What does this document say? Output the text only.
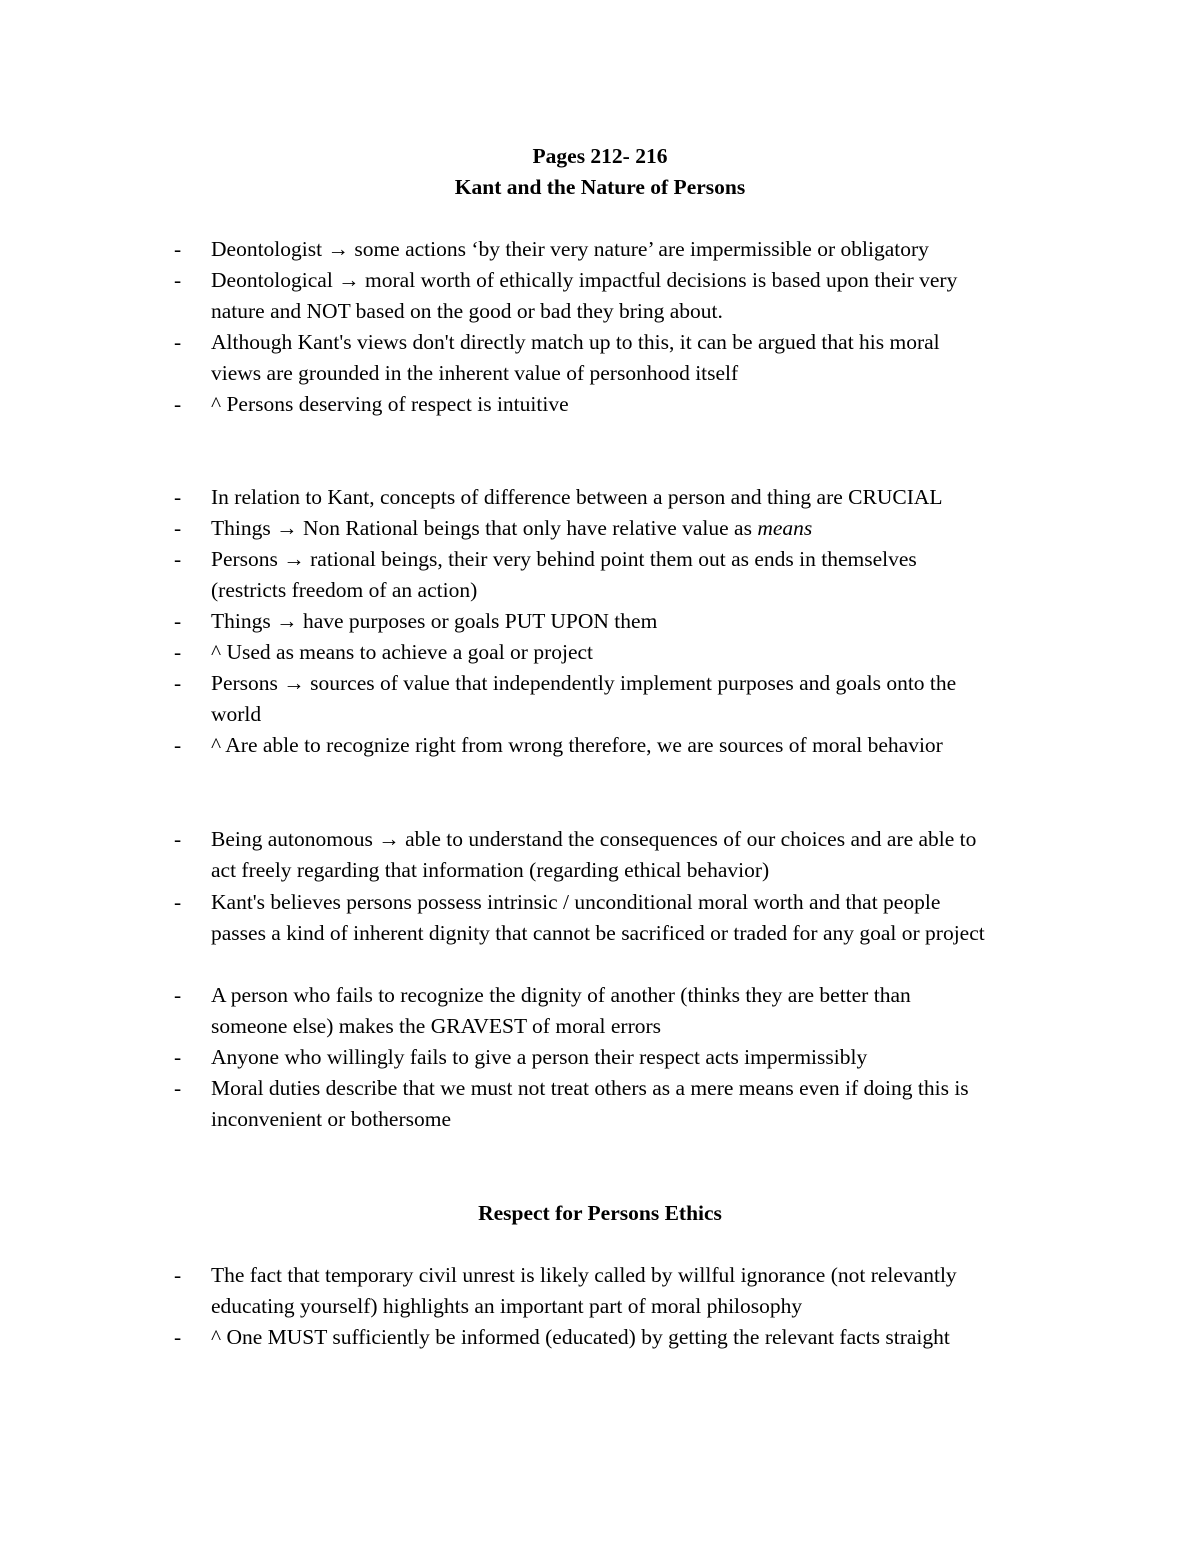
Pages 212- 216
Kant and the Nature of Persons
- Deontologist → some actions ‘by their very nature’ are impermissible or obligatory
- Deontological → moral worth of ethically impactful decisions is based upon their very
nature and NOT based on the good or bad they bring about.
- Although Kant's views don't directly match up to this, it can be argued that his moral
views are grounded in the inherent value of personhood itself
- ^ Persons deserving of respect is intuitive
- In relation to Kant, concepts of difference between a person and thing are CRUCIAL
- Things → Non Rational beings that only have relative value as means
- Persons → rational beings, their very behind point them out as ends in themselves
(restricts freedom of an action)
- Things → have purposes or goals PUT UPON them
- ^ Used as means to achieve a goal or project
- Persons → sources of value that independently implement purposes and goals onto the
world
- ^ Are able to recognize right from wrong therefore, we are sources of moral behavior
- Being autonomous → able to understand the consequences of our choices and are able to
act freely regarding that information (regarding ethical behavior)
- Kant's believes persons possess intrinsic / unconditional moral worth and that people
passes a kind of inherent dignity that cannot be sacrificed or traded for any goal or project
- A person who fails to recognize the dignity of another (thinks they are better than
someone else) makes the GRAVEST of moral errors
- Anyone who willingly fails to give a person their respect acts impermissibly
- Moral duties describe that we must not treat others as a mere means even if doing this is
inconvenient or bothersome
Respect for Persons Ethics
- The fact that temporary civil unrest is likely called by willful ignorance (not relevantly
educating yourself) highlights an important part of moral philosophy
- ^ One MUST sufficiently be informed (educated) by getting the relevant facts straight
